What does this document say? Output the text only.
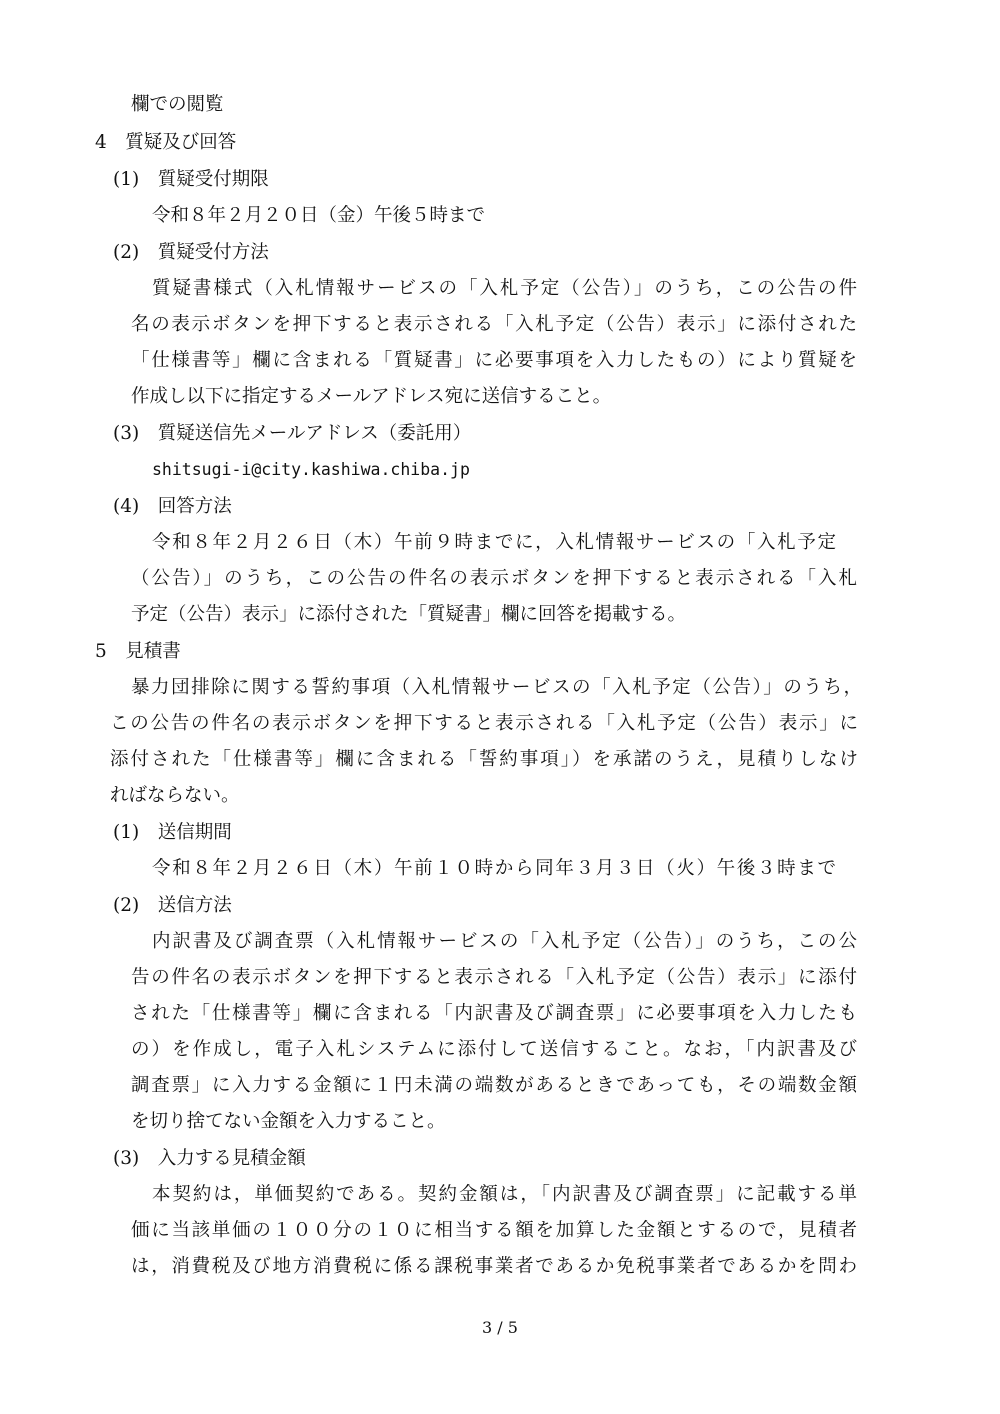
欄での閲覧
4　質疑及び回答
(1)　質疑受付期限
令和８年２月２０日（金）午後５時まで
(2)　質疑受付方法
質疑書様式（入札情報サービスの「入札予定（公告）」のうち，この公告の件
名の表示ボタンを押下すると表示される「入札予定（公告）表示」に添付された
「仕様書等」欄に含まれる「質疑書」に必要事項を入力したもの）により質疑を
作成し以下に指定するメールアドレス宛に送信すること。
(3)　質疑送信先メールアドレス（委託用）
shitsugi-i@city.kashiwa.chiba.jp
(4)　回答方法
令和８年２月２６日（木）午前９時までに，入札情報サービスの「入札予定
（公告）」のうち，この公告の件名の表示ボタンを押下すると表示される「入札
予定（公告）表示」に添付された「質疑書」欄に回答を掲載する。
5　見積書
暴力団排除に関する誓約事項（入札情報サービスの「入札予定（公告）」のうち，
この公告の件名の表示ボタンを押下すると表示される「入札予定（公告）表示」に
添付された「仕様書等」欄に含まれる「誓約事項」）を承諾のうえ，見積りしなけ
ればならない。
(1)　送信期間
令和８年２月２６日（木）午前１０時から同年３月３日（火）午後３時まで
(2)　送信方法
内訳書及び調査票（入札情報サービスの「入札予定（公告）」のうち，この公
告の件名の表示ボタンを押下すると表示される「入札予定（公告）表示」に添付
された「仕様書等」欄に含まれる「内訳書及び調査票」に必要事項を入力したも
の）を作成し，電子入札システムに添付して送信すること。なお，「内訳書及び
調査票」に入力する金額に１円未満の端数があるときであっても，その端数金額
を切り捨てない金額を入力すること。
(3)　入力する見積金額
本契約は，単価契約である。契約金額は，「内訳書及び調査票」に記載する単
価に当該単価の１００分の１０に相当する額を加算した金額とするので，見積者
は，消費税及び地方消費税に係る課税事業者であるか免税事業者であるかを問わ
3 / 5
